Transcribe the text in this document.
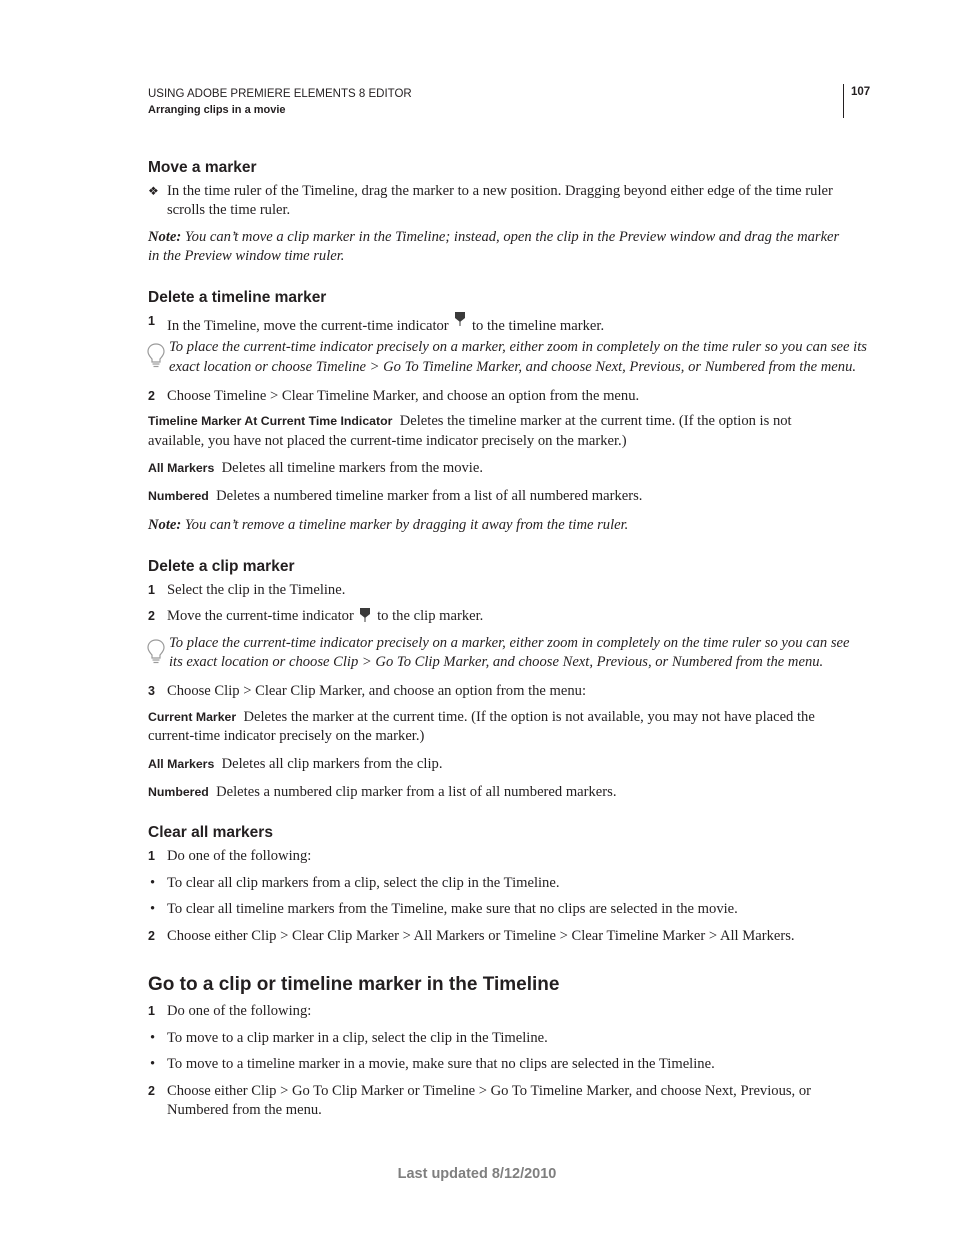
USING ADOBE PREMIERE ELEMENTS 8 EDITOR
Arranging clips in a movie
107
Move a marker
❖ In the time ruler of the Timeline, drag the marker to a new position. Dragging beyond either edge of the time ruler
scrolls the time ruler.
Note: You can’t move a clip marker in the Timeline; instead, open the clip in the Preview window and drag the marker
in the Preview window time ruler.
Delete a timeline marker
1 In the Timeline, move the current-time indicator to the timeline marker.
To place the current-time indicator precisely on a marker, either zoom in completely on the time ruler so you can see its
exact location or choose Timeline > Go To Timeline Marker, and choose Next, Previous, or Numbered from the menu.
2 Choose Timeline > Clear Timeline Marker, and choose an option from the menu.
Timeline Marker At Current Time Indicator Deletes the timeline marker at the current time. (If the option is not
available, you have not placed the current-time indicator precisely on the marker.)
All Markers Deletes all timeline markers from the movie.
Numbered Deletes a numbered timeline marker from a list of all numbered markers.
Note: You can’t remove a timeline marker by dragging it away from the time ruler.
Delete a clip marker
1 Select the clip in the Timeline.
2 Move the current-time indicator to the clip marker.
To place the current-time indicator precisely on a marker, either zoom in completely on the time ruler so you can see
its exact location or choose Clip > Go To Clip Marker, and choose Next, Previous, or Numbered from the menu.
3 Choose Clip > Clear Clip Marker, and choose an option from the menu:
Current Marker Deletes the marker at the current time. (If the option is not available, you may not have placed the
current-time indicator precisely on the marker.)
All Markers Deletes all clip markers from the clip.
Numbered Deletes a numbered clip marker from a list of all numbered markers.
Clear all markers
1 Do one of the following:
• To clear all clip markers from a clip, select the clip in the Timeline.
• To clear all timeline markers from the Timeline, make sure that no clips are selected in the movie.
2 Choose either Clip > Clear Clip Marker > All Markers or Timeline > Clear Timeline Marker > All Markers.
Go to a clip or timeline marker in the Timeline
1 Do one of the following:
• To move to a clip marker in a clip, select the clip in the Timeline.
• To move to a timeline marker in a movie, make sure that no clips are selected in the Timeline.
2 Choose either Clip > Go To Clip Marker or Timeline > Go To Timeline Marker, and choose Next, Previous, or
Numbered from the menu.
Last updated 8/12/2010
